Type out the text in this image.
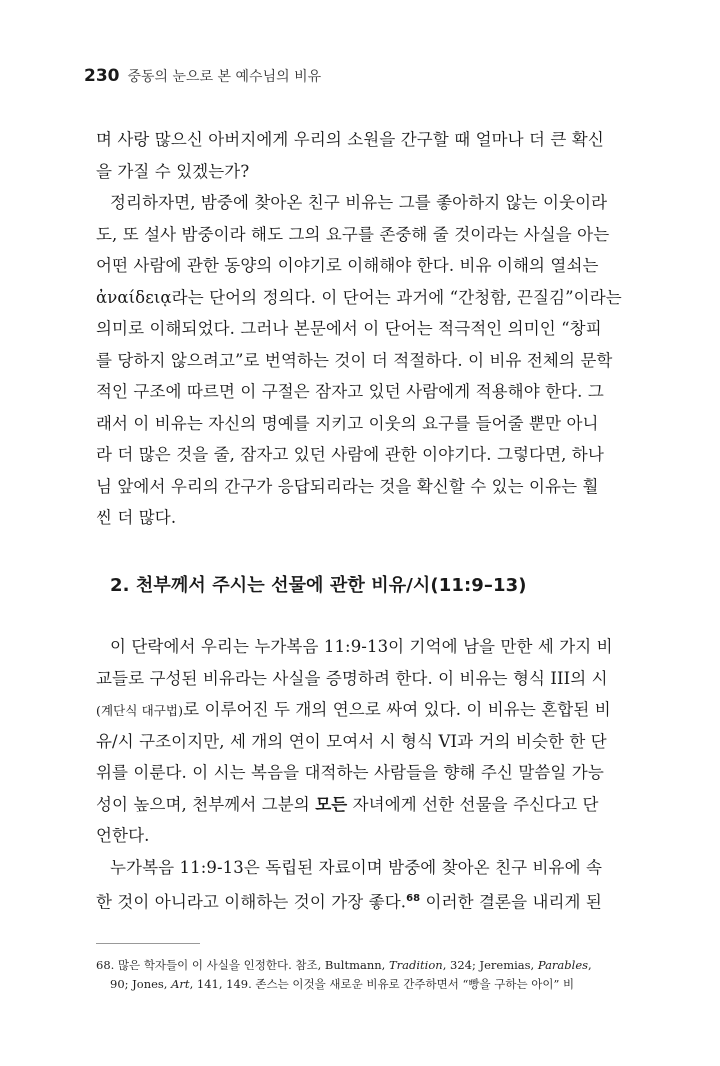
230 중동의 눈으로 본 예수님의 비유
며 사랑 많으신 아버지에게 우리의 소원을 간구할 때 얼마나 더 큰 확신
을 가질 수 있겠는가?
정리하자면, 밤중에 찾아온 친구 비유는 그를 좋아하지 않는 이웃이라
도, 또 설사 밤중이라 해도 그의 요구를 존중해 줄 것이라는 사실을 아는
어떤 사람에 관한 동양의 이야기로 이해해야 한다. 비유 이해의 열쇠는
ἀναίδειᾳ라는 단어의 정의다. 이 단어는 과거에 “간청함, 끈질김”이라는
의미로 이해되었다. 그러나 본문에서 이 단어는 적극적인 의미인 “창피
를 당하지 않으려고”로 번역하는 것이 더 적절하다. 이 비유 전체의 문학
적인 구조에 따르면 이 구절은 잠자고 있던 사람에게 적용해야 한다. 그
래서 이 비유는 자신의 명예를 지키고 이웃의 요구를 들어줄 뿐만 아니
라 더 많은 것을 줄, 잠자고 있던 사람에 관한 이야기다. 그렇다면, 하나
님 앞에서 우리의 간구가 응답되리라는 것을 확신할 수 있는 이유는 훨
씬 더 많다.
2. 천부께서 주시는 선물에 관한 비유/시(11:9–13)
이 단락에서 우리는 누가복음 11:9-13이 기억에 남을 만한 세 가지 비
교들로 구성된 비유라는 사실을 증명하려 한다. 이 비유는 형식 III의 시
(계단식 대구법)로 이루어진 두 개의 연으로 싸여 있다. 이 비유는 혼합된 비
유/시 구조이지만, 세 개의 연이 모여서 시 형식 VI과 거의 비슷한 한 단
위를 이룬다. 이 시는 복음을 대적하는 사람들을 향해 주신 말씀일 가능
성이 높으며, 천부께서 그분의 모든 자녀에게 선한 선물을 주신다고 단
언한다.
누가복음 11:9-13은 독립된 자료이며 밤중에 찾아온 친구 비유에 속
한 것이 아니라고 이해하는 것이 가장 좋다.$^{68}$ 이러한 결론을 내리게 된
68. 많은 학자들이 이 사실을 인정한다. 참조, Bultmann, Tradition, 324; Jeremias, Parables,
90; Jones, Art, 141, 149. 존스는 이것을 새로운 비유로 간주하면서 “빵을 구하는 아이” 비
